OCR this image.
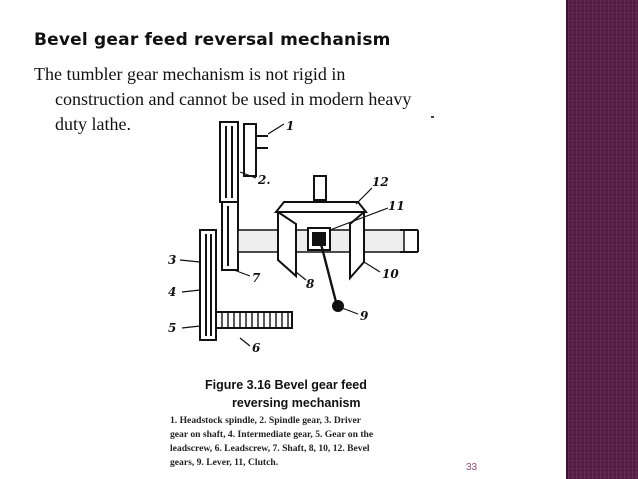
Bevel gear feed reversal mechanism
The tumbler gear mechanism is not rigid in
construction and cannot be used in modern heavy
duty lathe.	1
2.
3
4
5
6
7	8
9
10
11
12
Figure 3.16 Bevel gear feed
reversing mechanism
1. Headstock spindle, 2. Spindle gear, 3. Driver
gear on shaft, 4. Intermediate gear, 5. Gear on the
leadscrew, 6. Leadscrew, 7. Shaft, 8, 10, 12. Bevel
gears, 9. Lever, 11, Clutch.	33
